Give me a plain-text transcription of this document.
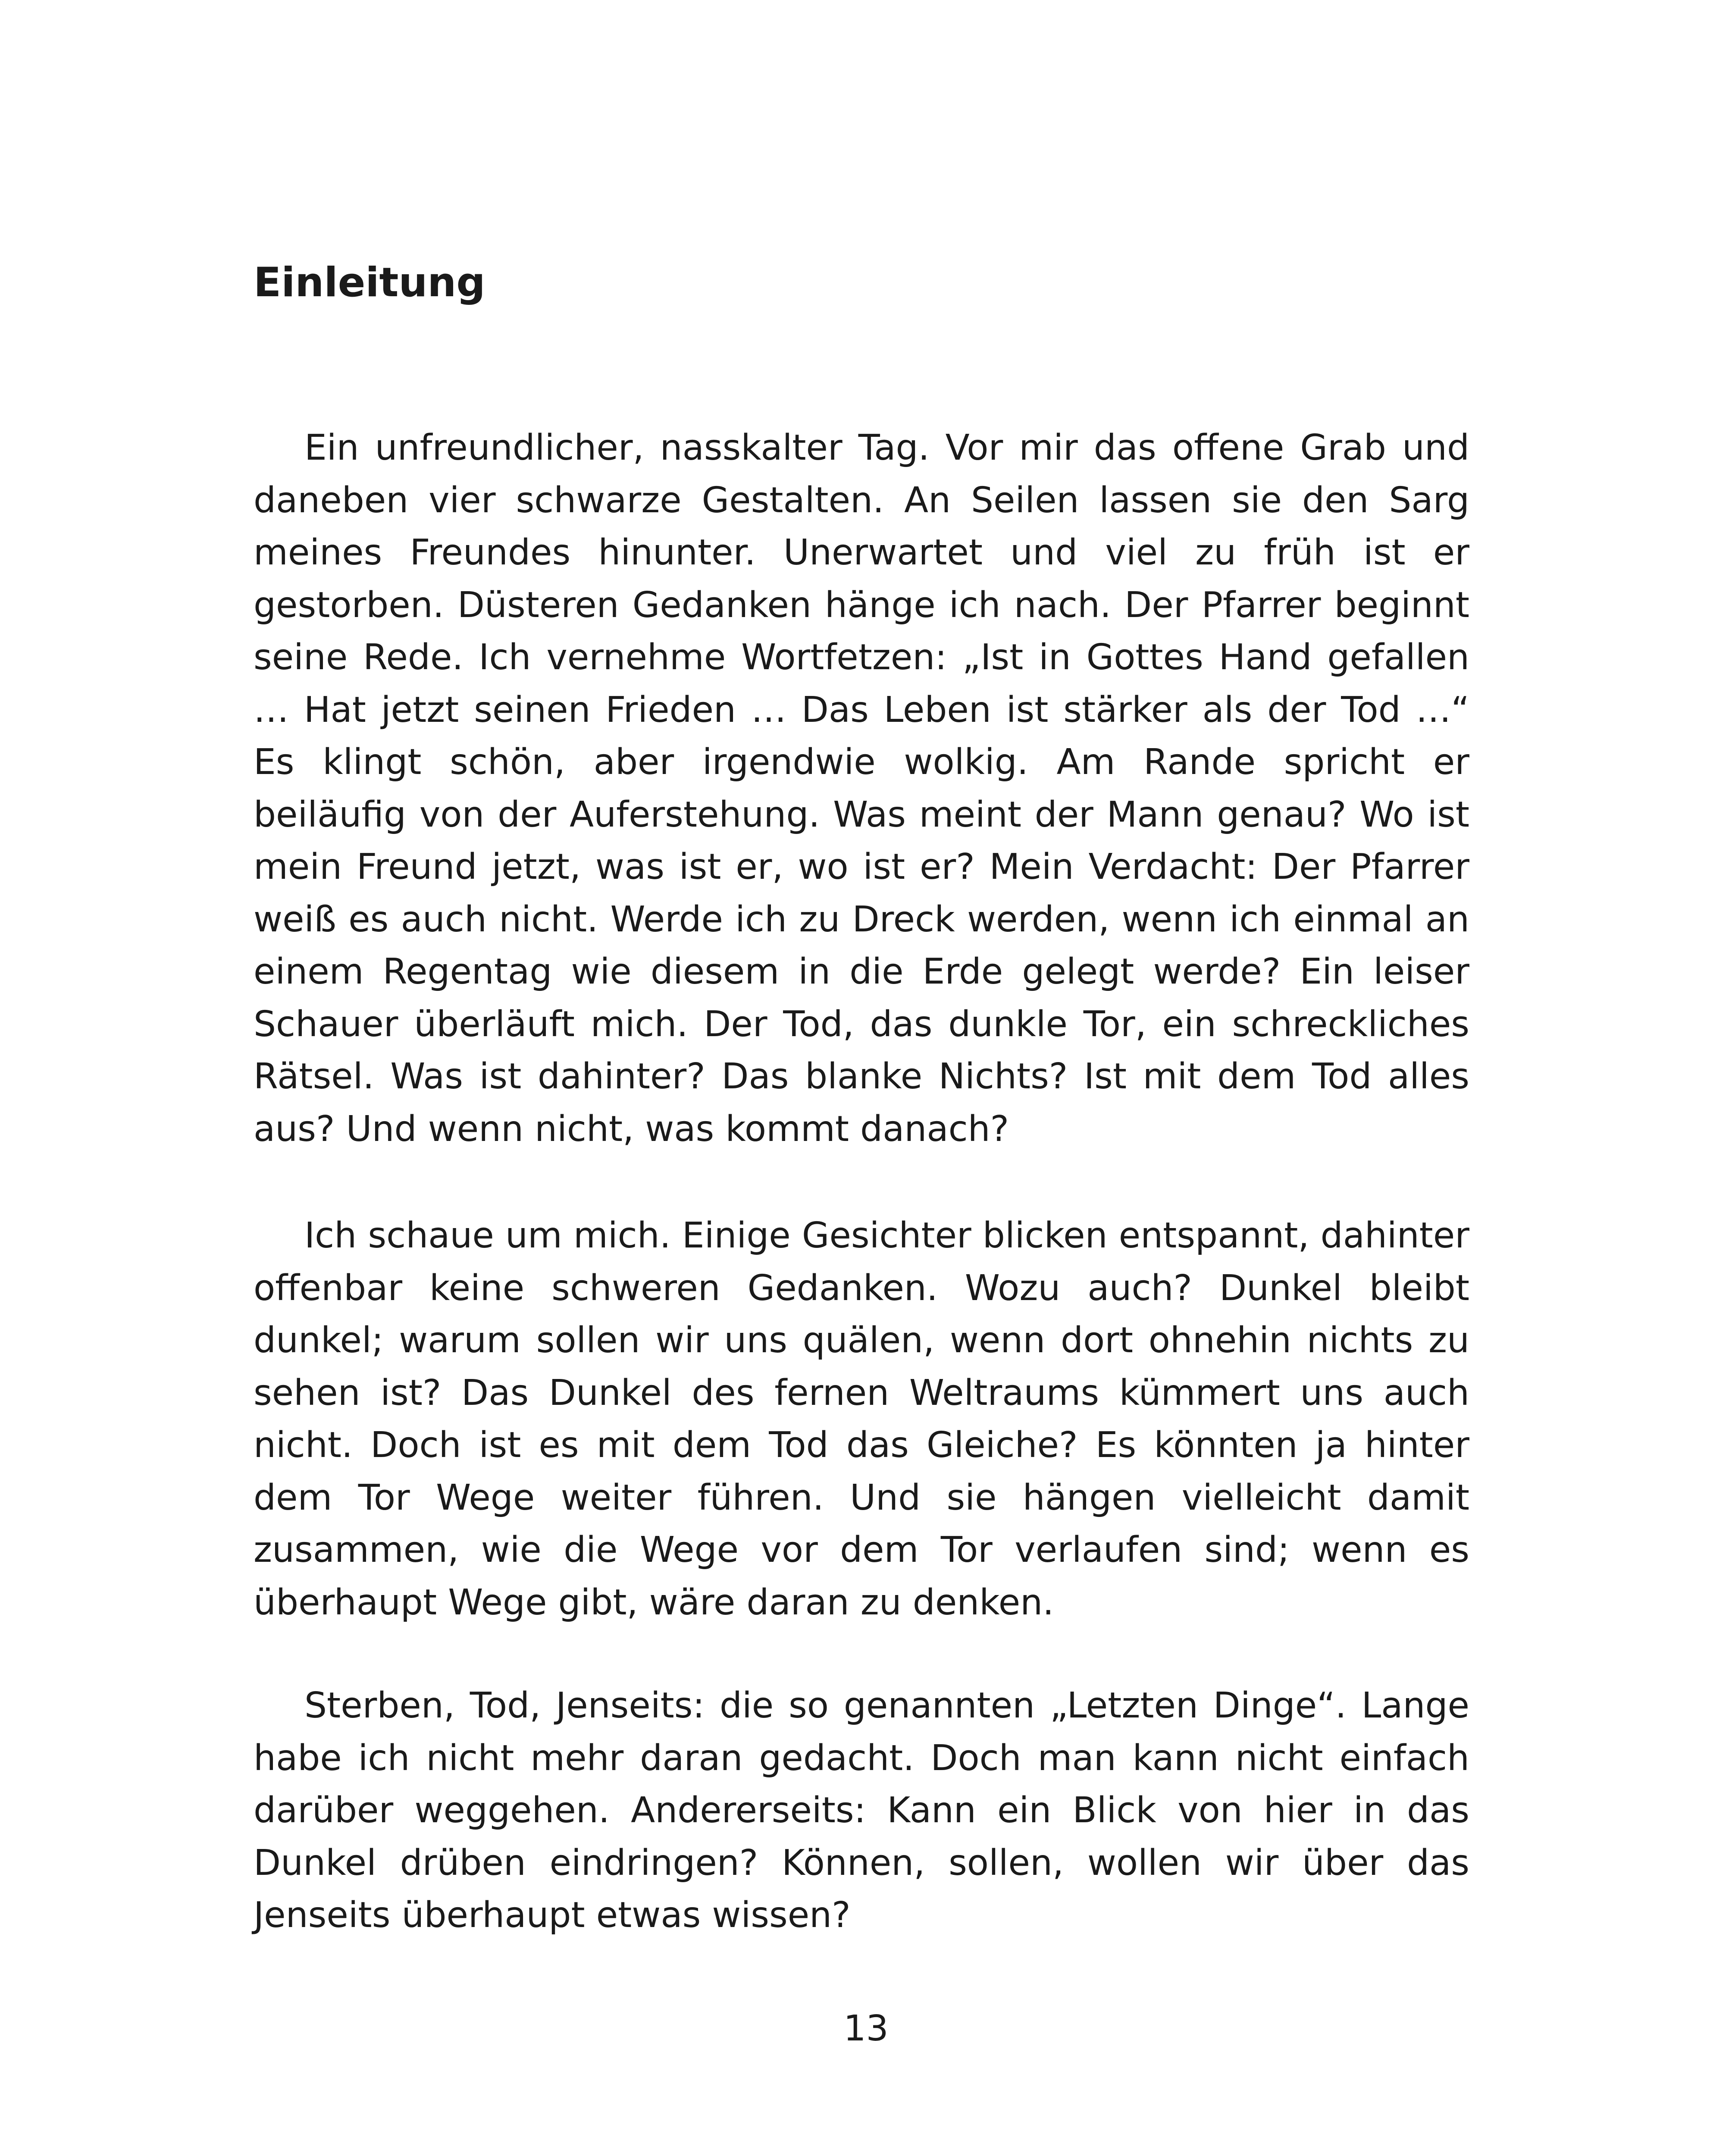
Einleitung

Ein unfreundlicher, nasskalter Tag. Vor mir das offene Grab und daneben vier schwarze Gestalten. An Seilen lassen sie den Sarg meines Freundes hinunter. Unerwartet und viel zu früh ist er gestorben. Düsteren Gedanken hänge ich nach. Der Pfarrer beginnt seine Rede. Ich vernehme Wortfetzen: „Ist in Gottes Hand gefallen … Hat jetzt seinen Frieden … Das Leben ist stärker als der Tod …“ Es klingt schön, aber irgendwie wolkig. Am Rande spricht er beiläufig von der Auferstehung. Was meint der Mann genau? Wo ist mein Freund jetzt, was ist er, wo ist er? Mein Verdacht: Der Pfarrer weiß es auch nicht. Werde ich zu Dreck werden, wenn ich einmal an einem Regentag wie diesem in die Erde gelegt werde? Ein leiser Schauer überläuft mich. Der Tod, das dunkle Tor, ein schreckliches Rätsel. Was ist dahinter? Das blanke Nichts? Ist mit dem Tod alles aus? Und wenn nicht, was kommt danach?

Ich schaue um mich. Einige Gesichter blicken entspannt, dahinter offenbar keine schweren Gedanken. Wozu auch? Dunkel bleibt dunkel; warum sollen wir uns quälen, wenn dort ohnehin nichts zu sehen ist? Das Dunkel des fernen Weltraums kümmert uns auch nicht. Doch ist es mit dem Tod das Gleiche? Es könnten ja hinter dem Tor Wege weiter führen. Und sie hängen vielleicht damit zusammen, wie die Wege vor dem Tor verlaufen sind; wenn es überhaupt Wege gibt, wäre daran zu denken.

Sterben, Tod, Jenseits: die so genannten „Letzten Dinge“. Lange habe ich nicht mehr daran gedacht. Doch man kann nicht einfach darüber weggehen. Andererseits: Kann ein Blick von hier in das Dunkel drüben eindringen? Können, sollen, wollen wir über das Jenseits überhaupt etwas wissen?

13
